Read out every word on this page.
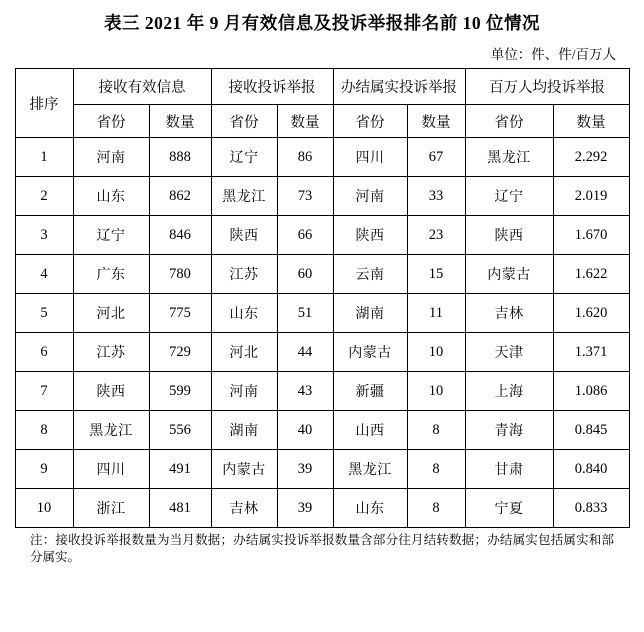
表三 2021 年 9 月有效信息及投诉举报排名前 10 位情况
单位：件、件/百万人
排序	接收有效信息		接收投诉举报		办结属实投诉举报		百万人均投诉举报	
	省份	数量	省份	数量	省份	数量	省份	数量
1	河南	888	辽宁	86	四川	67	黑龙江	2.292
2	山东	862	黑龙江	73	河南	33	辽宁	2.019
3	辽宁	846	陕西	66	陕西	23	陕西	1.670
4	广东	780	江苏	60	云南	15	内蒙古	1.622
5	河北	775	山东	51	湖南	11	吉林	1.620
6	江苏	729	河北	44	内蒙古	10	天津	1.371
7	陕西	599	河南	43	新疆	10	上海	1.086
8	黑龙江	556	湖南	40	山西	8	青海	0.845
9	四川	491	内蒙古	39	黑龙江	8	甘肃	0.840
10	浙江	481	吉林	39	山东	8	宁夏	0.833
注：接收投诉举报数量为当月数据；办结属实投诉举报数量含部分往月结转数据；办结属实包括属实和部分属实。
